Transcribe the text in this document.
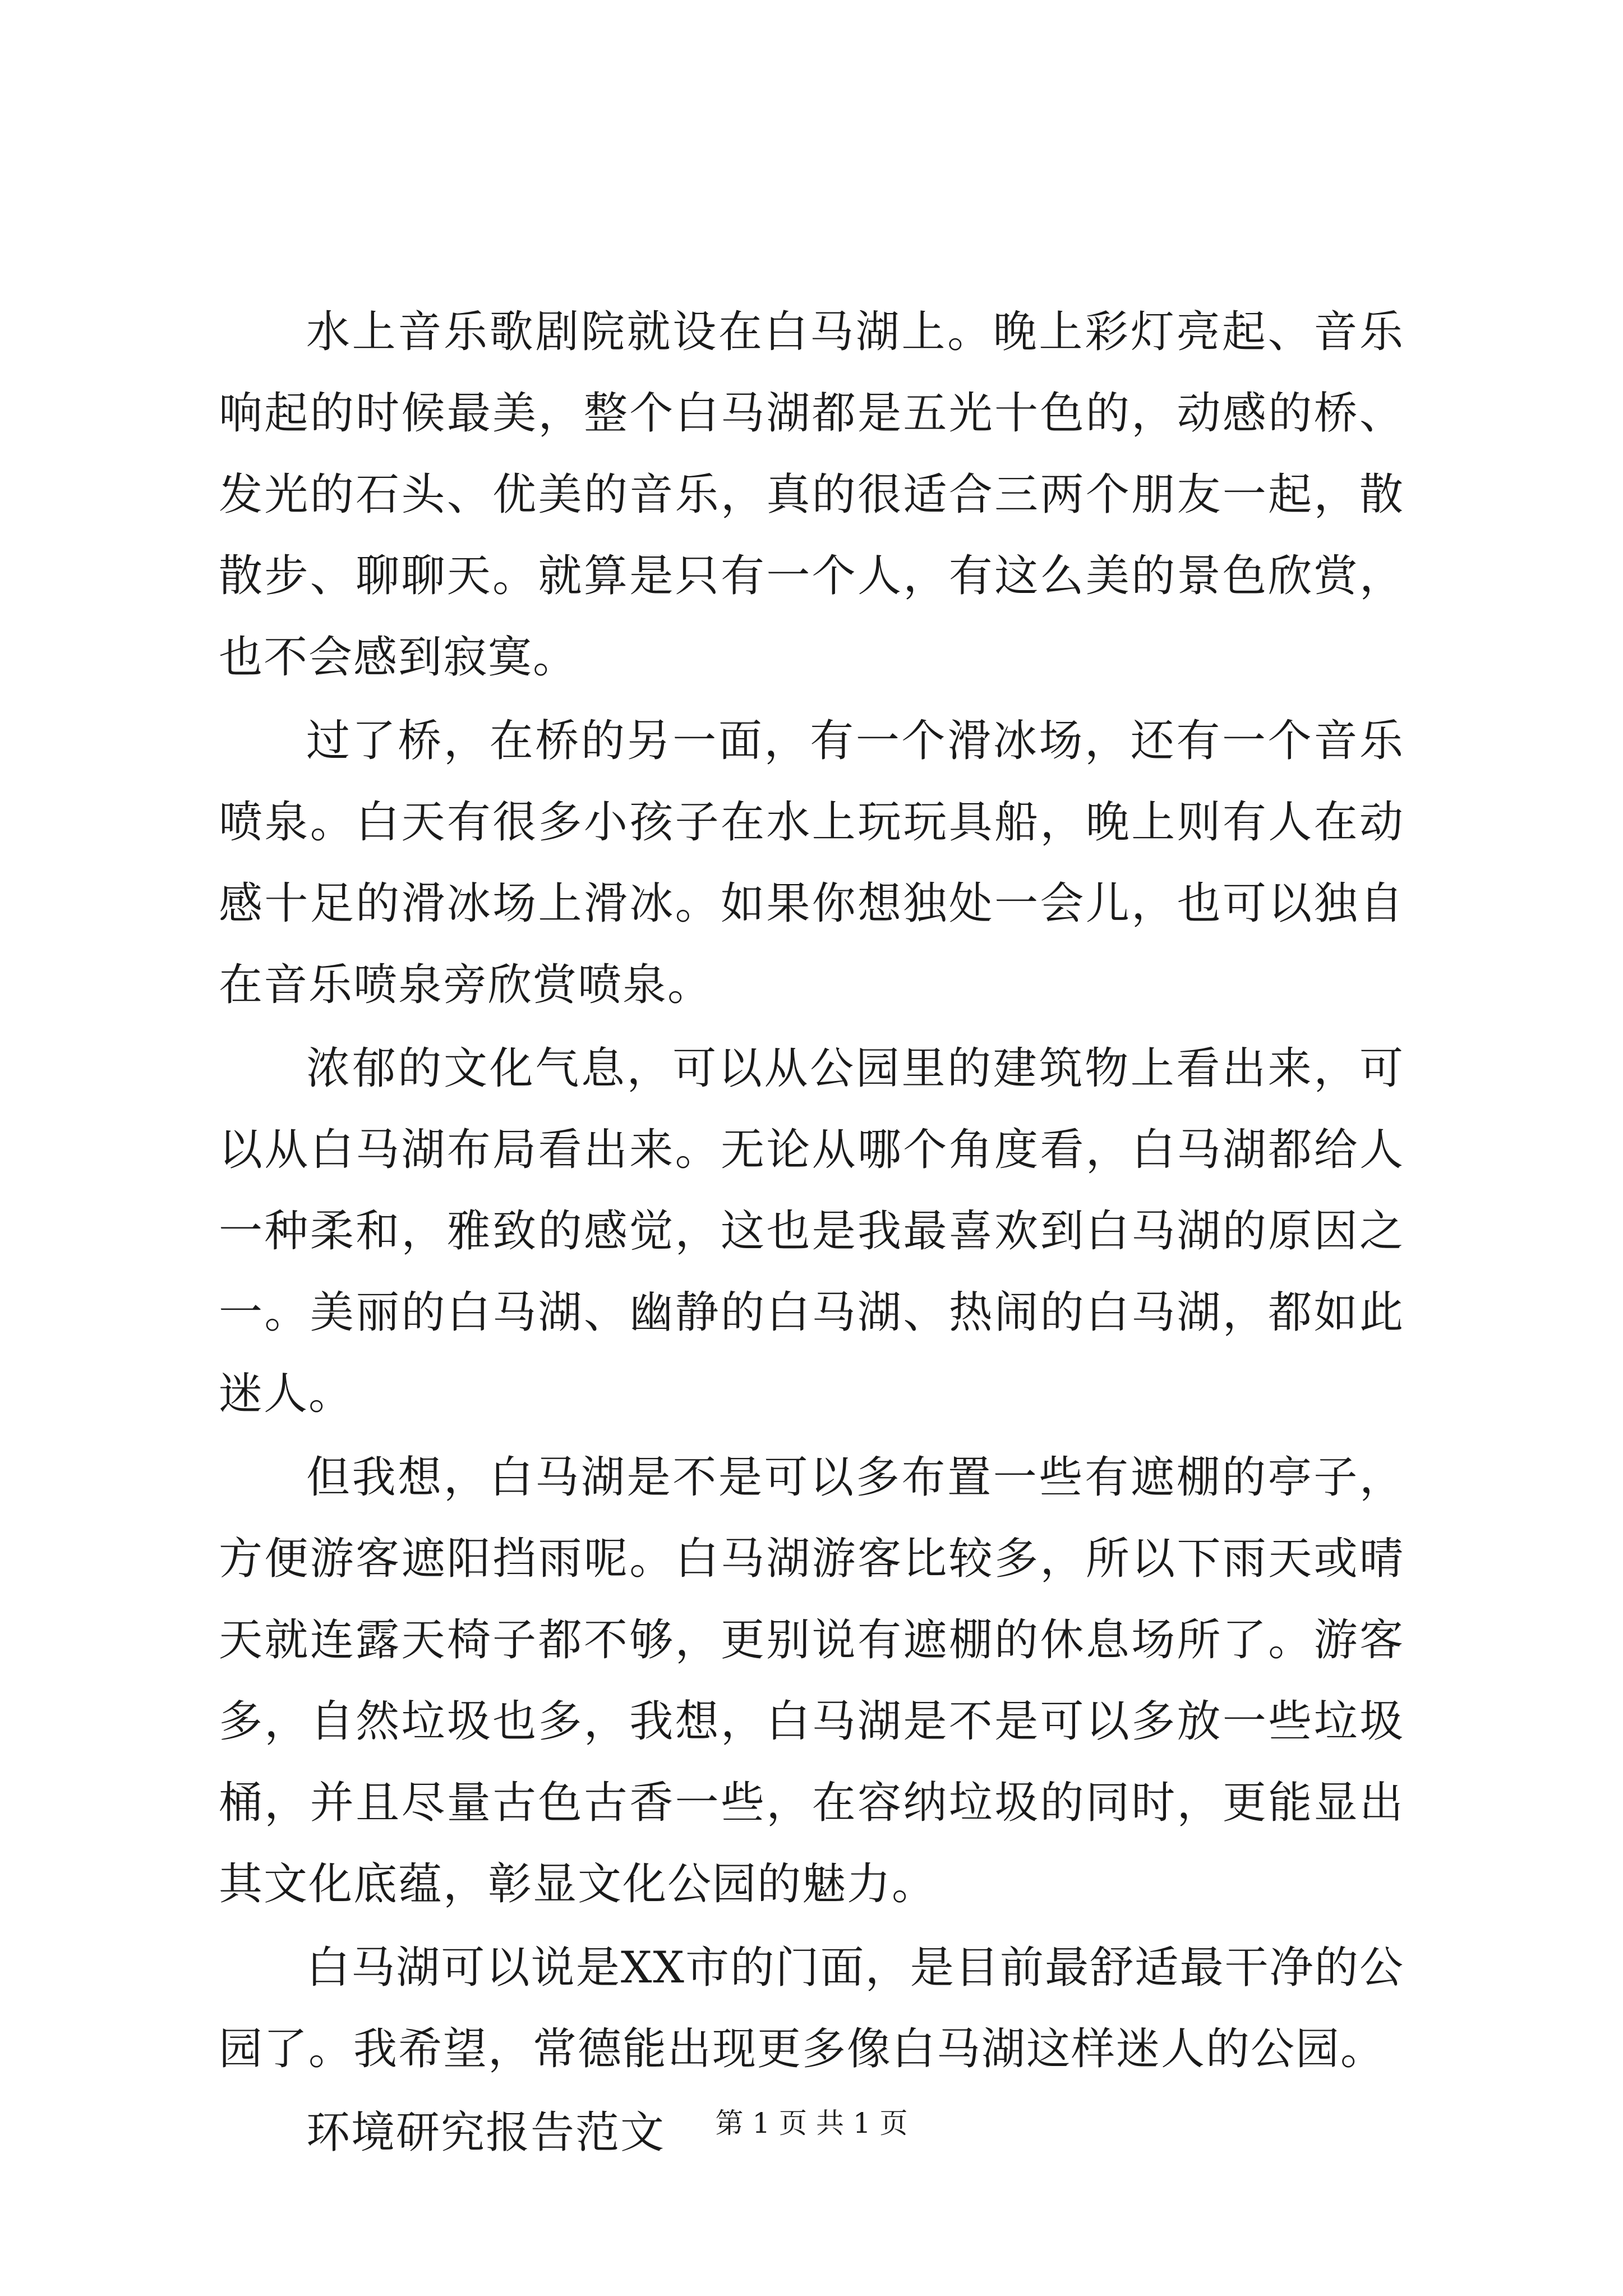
水上音乐歌剧院就设在白马湖上。晚上彩灯亮起、音乐响起的时候最美，整个白马湖都是五光十色的，动感的桥、发光的石头、优美的音乐，真的很适合三两个朋友一起，散散步、聊聊天。就算是只有一个人，有这么美的景色欣赏，也不会感到寂寞。

过了桥，在桥的另一面，有一个滑冰场，还有一个音乐喷泉。白天有很多小孩子在水上玩玩具船，晚上则有人在动感十足的滑冰场上滑冰。如果你想独处一会儿，也可以独自在音乐喷泉旁欣赏喷泉。

浓郁的文化气息，可以从公园里的建筑物上看出来，可以从白马湖布局看出来。无论从哪个角度看，白马湖都给人一种柔和，雅致的感觉，这也是我最喜欢到白马湖的原因之一。美丽的白马湖、幽静的白马湖、热闹的白马湖，都如此迷人。

但我想，白马湖是不是可以多布置一些有遮棚的亭子，方便游客遮阳挡雨呢。白马湖游客比较多，所以下雨天或晴天就连露天椅子都不够，更别说有遮棚的休息场所了。游客多，自然垃圾也多，我想，白马湖是不是可以多放一些垃圾桶，并且尽量古色古香一些，在容纳垃圾的同时，更能显出其文化底蕴，彰显文化公园的魅力。

白马湖可以说是XX市的门面，是目前最舒适最干净的公园了。我希望，常德能出现更多像白马湖这样迷人的公园。

环境研究报告范文	第 1 页 共 1 页
